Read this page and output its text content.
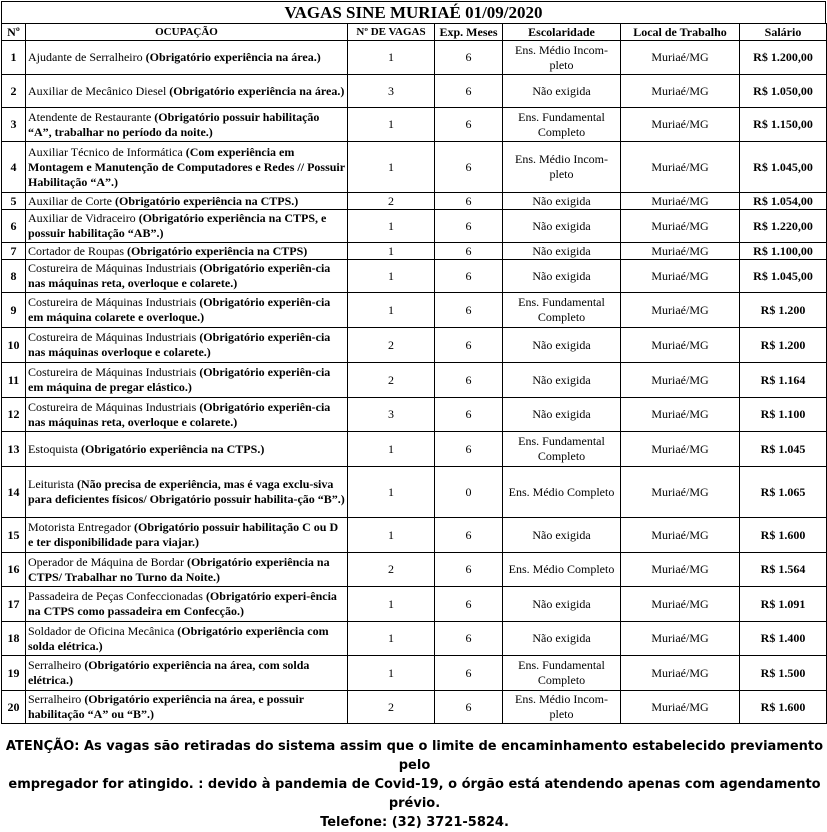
VAGAS SINE MURIAÉ 01/09/2020
Nº	OCUPAÇÃO	Nº DE VAGAS	Exp. Meses	Escolaridade	Local de Trabalho	Salário
1	Ajudante de Serralheiro (Obrigatório experiência na área.)	1	6	Ens. Médio Incom-pleto	Muriaé/MG	R$ 1.200,00
2	Auxiliar de Mecânico Diesel (Obrigatório experiência na área.)	3	6	Não exigida	Muriaé/MG	R$ 1.050,00
3	Atendente de Restaurante (Obrigatório possuir habilitação “A”, trabalhar no período da noite.)	1	6	Ens. Fundamental Completo	Muriaé/MG	R$ 1.150,00
4	Auxiliar Técnico de Informática (Com experiência em Montagem e Manutenção de Computadores e Redes // Possuir Habilitação “A”.)	1	6	Ens. Médio Incom-pleto	Muriaé/MG	R$ 1.045,00
5	Auxiliar de Corte (Obrigatório experiência na CTPS.)	2	6	Não exigida	Muriaé/MG	R$ 1.054,00
6	Auxiliar de Vidraceiro (Obrigatório experiência na CTPS, e possuir habilitação “AB”.)	1	6	Não exigida	Muriaé/MG	R$ 1.220,00
7	Cortador de Roupas (Obrigatório experiência na CTPS)	1	6	Não exigida	Muriaé/MG	R$ 1.100,00
8	Costureira de Máquinas Industriais (Obrigatório experiên-cia nas máquinas reta, overloque e colarete.)	1	6	Não exigida	Muriaé/MG	R$ 1.045,00
9	Costureira de Máquinas Industriais (Obrigatório experiên-cia em máquina colarete e overloque.)	1	6	Ens. Fundamental Completo	Muriaé/MG	R$ 1.200
10	Costureira de Máquinas Industriais (Obrigatório experiên-cia nas máquinas overloque e colarete.)	2	6	Não exigida	Muriaé/MG	R$ 1.200
11	Costureira de Máquinas Industriais (Obrigatório experiên-cia em máquina de pregar elástico.)	2	6	Não exigida	Muriaé/MG	R$ 1.164
12	Costureira de Máquinas Industriais (Obrigatório experiên-cia nas máquinas reta, overloque e colarete.)	3	6	Não exigida	Muriaé/MG	R$ 1.100
13	Estoquista (Obrigatório experiência na CTPS.)	1	6	Ens. Fundamental Completo	Muriaé/MG	R$ 1.045
14	Leiturista (Não precisa de experiência, mas é vaga exclu-siva para deficientes físicos/ Obrigatório possuir habilita-ção “B”.)	1	0	Ens. Médio Completo	Muriaé/MG	R$ 1.065
15	Motorista Entregador (Obrigatório possuir habilitação C ou D e ter disponibilidade para viajar.)	1	6	Não exigida	Muriaé/MG	R$ 1.600
16	Operador de Máquina de Bordar (Obrigatório experiência na CTPS/ Trabalhar no Turno da Noite.)	2	6	Ens. Médio Completo	Muriaé/MG	R$ 1.564
17	Passadeira de Peças Confeccionadas (Obrigatório experi-ência na CTPS como passadeira em Confecção.)	1	6	Não exigida	Muriaé/MG	R$ 1.091
18	Soldador de Oficina Mecânica (Obrigatório experiência com solda elétrica.)	1	6	Não exigida	Muriaé/MG	R$ 1.400
19	Serralheiro (Obrigatório experiência na área, com solda elétrica.)	1	6	Ens. Fundamental Completo	Muriaé/MG	R$ 1.500
20	Serralheiro (Obrigatório experiência na área, e possuir habilitação “A” ou “B”.)	2	6	Ens. Médio Incom-pleto	Muriaé/MG	R$ 1.600
ATENÇÃO: As vagas são retiradas do sistema assim que o limite de encaminhamento estabelecido previamento pelo
empregador for atingido. : devido à pandemia de Covid-19, o órgão está atendendo apenas com agendamento prévio.
Telefone: (32) 3721-5824.
